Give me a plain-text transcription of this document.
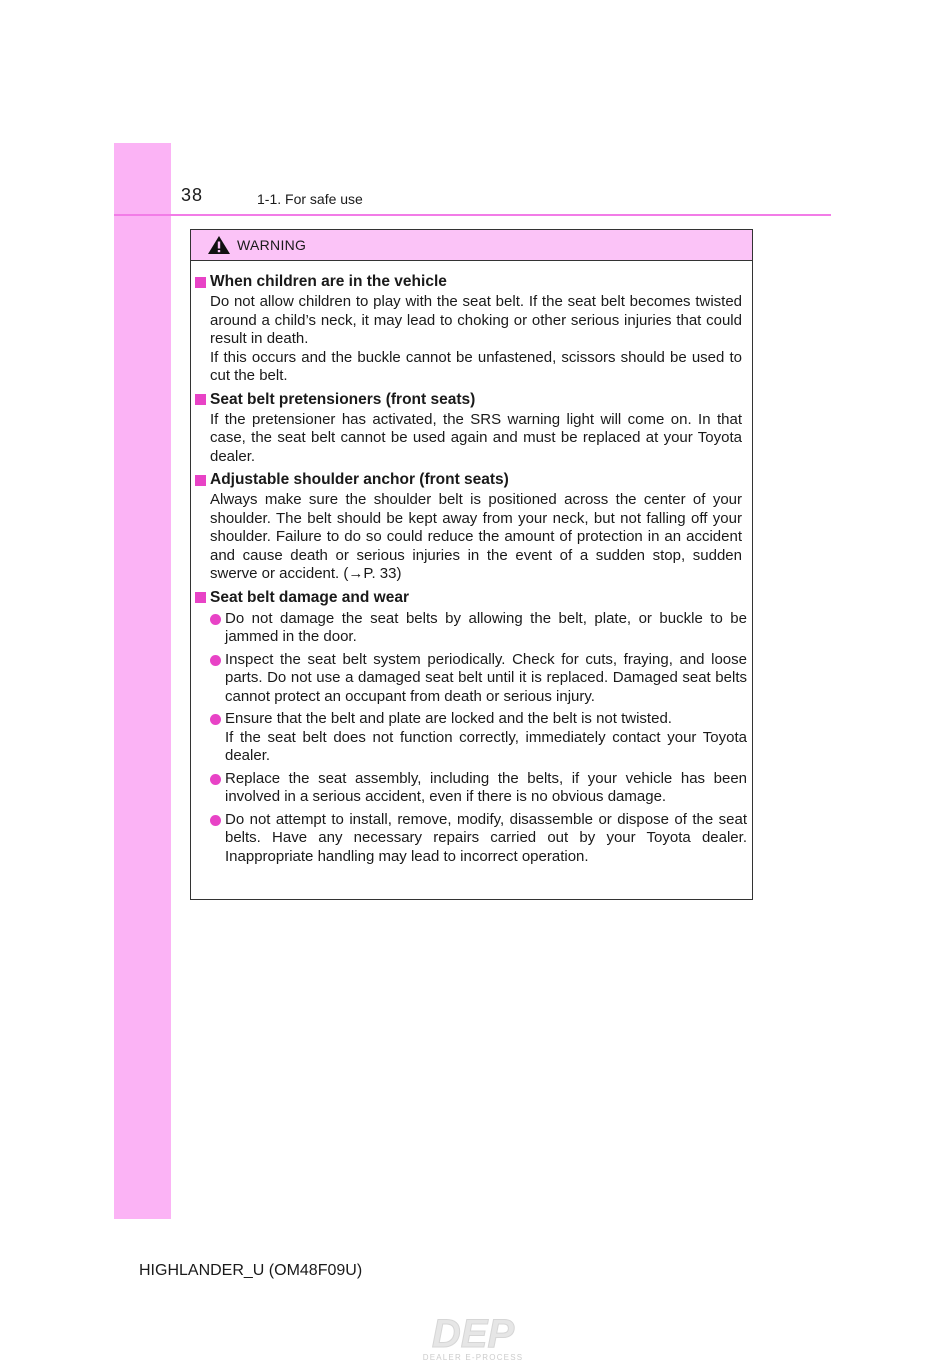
38	1-1. For safe use
WARNING
When children are in the vehicle

Do not allow children to play with the seat belt. If the seat belt becomes twisted around a child’s neck, it may lead to choking or other serious injuries that could result in death.

If this occurs and the buckle cannot be unfastened, scissors should be used to cut the belt.

Seat belt pretensioners (front seats)

If the pretensioner has activated, the SRS warning light will come on. In that case, the seat belt cannot be used again and must be replaced at your Toyota dealer.

Adjustable shoulder anchor (front seats)

Always make sure the shoulder belt is positioned across the center of your shoulder. The belt should be kept away from your neck, but not falling off your shoulder. Failure to do so could reduce the amount of protection in an accident and cause death or serious injuries in the event of a sudden stop, sudden swerve or accident. (→P. 33)

Seat belt damage and wear
Do not damage the seat belts by allowing the belt, plate, or buckle to be jammed in the door.
Inspect the seat belt system periodically. Check for cuts, fraying, and loose parts. Do not use a damaged seat belt until it is replaced. Damaged seat belts cannot protect an occupant from death or serious injury.
Ensure that the belt and plate are locked and the belt is not twisted.
If the seat belt does not function correctly, immediately contact your Toyota dealer.
Replace the seat assembly, including the belts, if your vehicle has been involved in a serious accident, even if there is no obvious damage.
Do not attempt to install, remove, modify, disassemble or dispose of the seat belts. Have any necessary repairs carried out by your Toyota dealer. Inappropriate handling may lead to incorrect operation.
HIGHLANDER_U (OM48F09U)
DEP
DEALER E-PROCESS
